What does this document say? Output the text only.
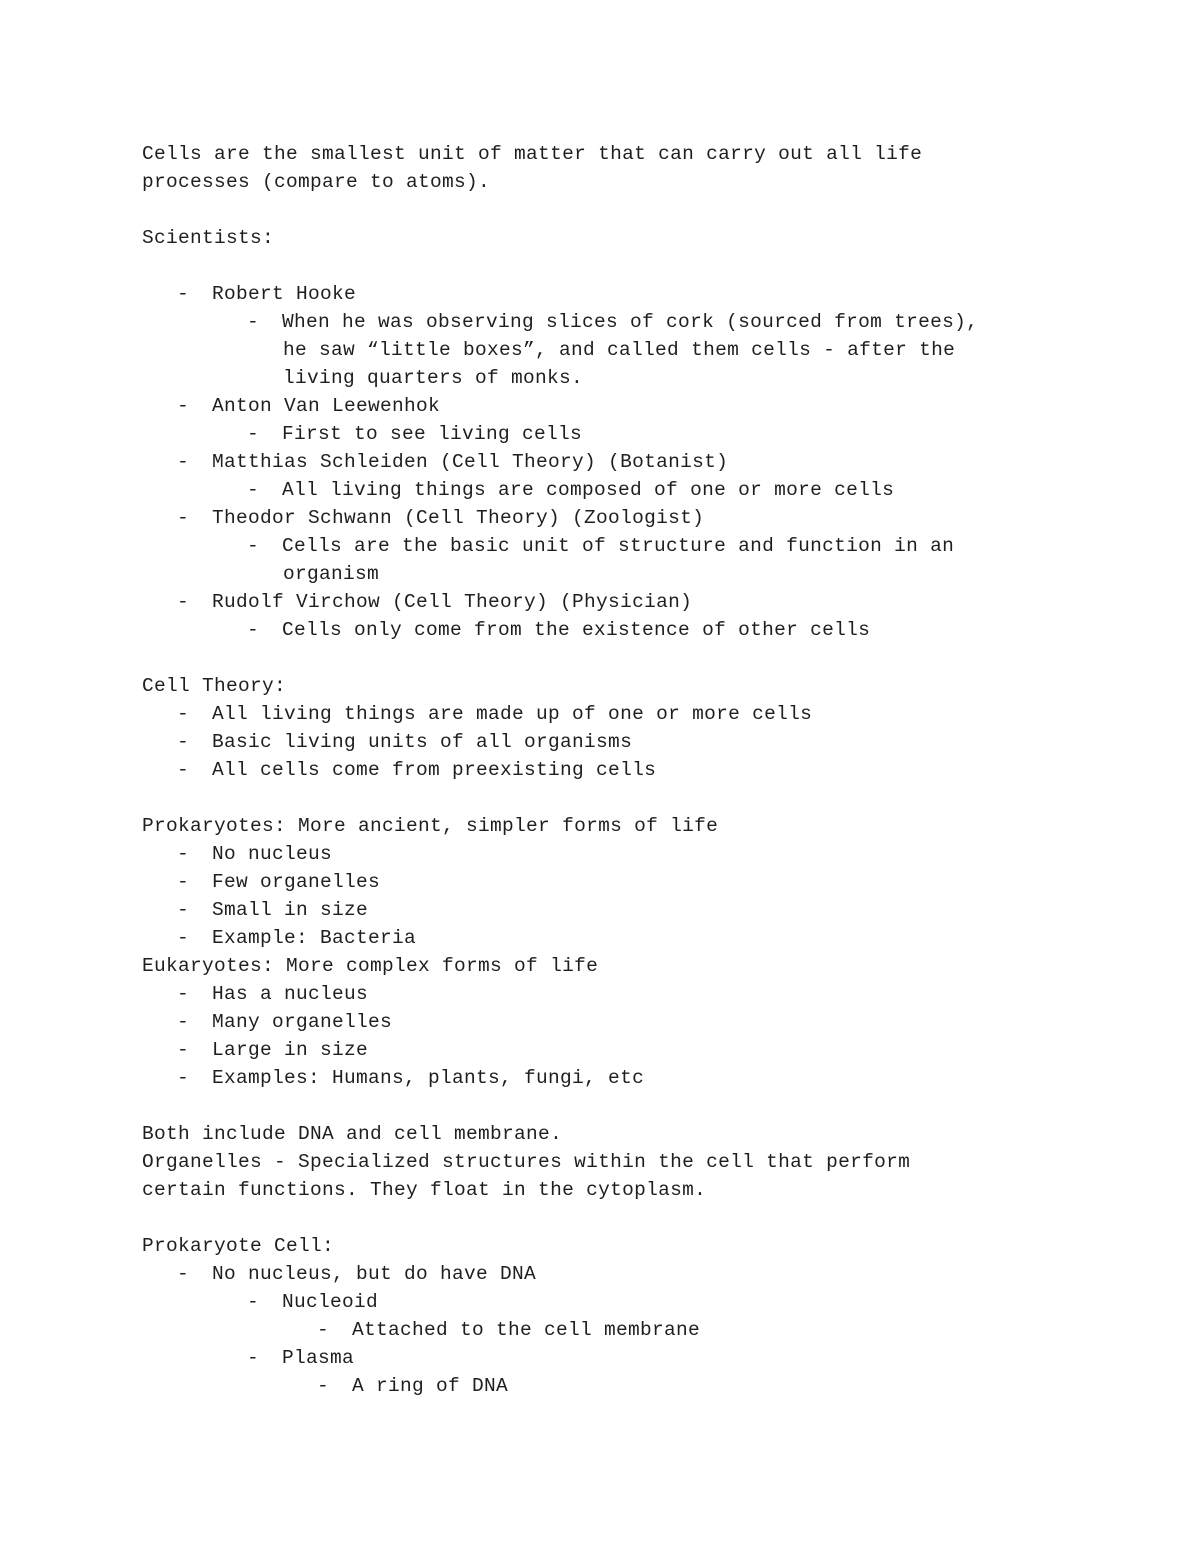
Cells are the smallest unit of matter that can carry out all life
processes (compare to atoms).
Scientists:
- Robert Hooke
- When he was observing slices of cork (sourced from trees),
he saw “little boxes”, and called them cells - after the
living quarters of monks.
- Anton Van Leewenhok
- First to see living cells
- Matthias Schleiden (Cell Theory) (Botanist)
- All living things are composed of one or more cells
- Theodor Schwann (Cell Theory) (Zoologist)
- Cells are the basic unit of structure and function in an
organism
- Rudolf Virchow (Cell Theory) (Physician)
- Cells only come from the existence of other cells
Cell Theory:
- All living things are made up of one or more cells
- Basic living units of all organisms
- All cells come from preexisting cells
Prokaryotes: More ancient, simpler forms of life
- No nucleus
- Few organelles
- Small in size
- Example: Bacteria
Eukaryotes: More complex forms of life
- Has a nucleus
- Many organelles
- Large in size
- Examples: Humans, plants, fungi, etc
Both include DNA and cell membrane.
Organelles - Specialized structures within the cell that perform
certain functions. They float in the cytoplasm.
Prokaryote Cell:
- No nucleus, but do have DNA
- Nucleoid
- Attached to the cell membrane
- Plasma
- A ring of DNA
